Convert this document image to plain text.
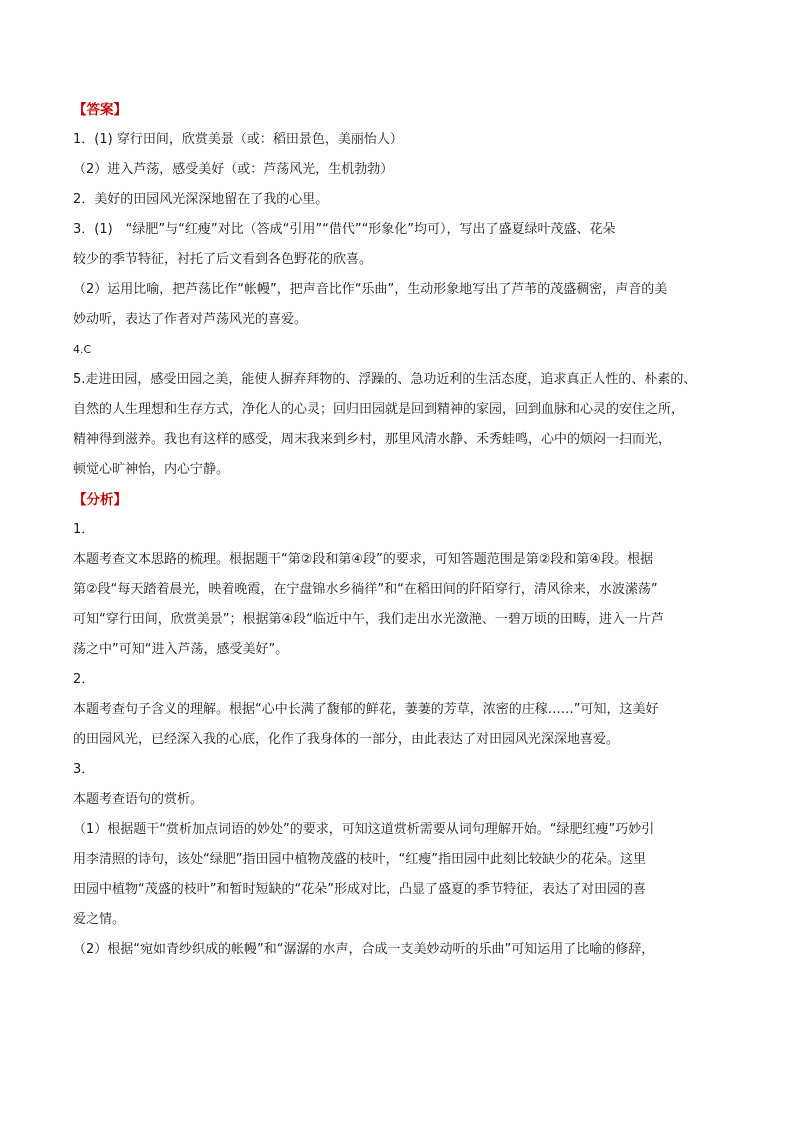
【答案】
1．(1) 穿行田间，欣赏美景（或：稻田景色，美丽怡人）
（2）进入芦荡，感受美好（或：芦荡风光，生机勃勃）
2．美好的田园风光深深地留在了我的心里。
3．(1)　“绿肥”与“红瘦”对比（答成“引用”“借代”“形象化”均可），写出了盛夏绿叶茂盛、花朵
较少的季节特征，衬托了后文看到各色野花的欣喜。
（2）运用比喻，把芦荡比作“帐幔”，把声音比作“乐曲”，生动形象地写出了芦苇的茂盛稠密，声音的美
妙动听，表达了作者对芦荡风光的喜爱。
4.C
5.走进田园，感受田园之美，能使人摒弃拜物的、浮躁的、急功近利的生活态度，追求真正人性的、朴素的、
自然的人生理想和生存方式，净化人的心灵；回归田园就是回到精神的家园，回到血脉和心灵的安住之所，
精神得到滋养。我也有这样的感受，周末我来到乡村，那里风清水静、禾秀蛙鸣，心中的烦闷一扫而光，
顿觉心旷神怡，内心宁静。
【分析】
1．
本题考查文本思路的梳理。根据题干“第②段和第④段”的要求，可知答题范围是第②段和第④段。根据
第②段“每天踏着晨光，映着晚霞，在宁盘锦水乡徜徉”和“在稻田间的阡陌穿行，清风徐来，水波潆荡”
可知“穿行田间，欣赏美景”；根据第④段“临近中午，我们走出水光潋滟、一碧万顷的田畴，进入一片芦
荡之中”可知“进入芦荡，感受美好”。
2．
本题考查句子含义的理解。根据“心中长满了馥郁的鲜花，萋萋的芳草，浓密的庄稼……”可知，这美好
的田园风光，已经深入我的心底，化作了我身体的一部分，由此表达了对田园风光深深地喜爱。
3．
本题考查语句的赏析。
（1）根据题干“赏析加点词语的妙处”的要求，可知这道赏析需要从词句理解开始。“绿肥红瘦”巧妙引
用李清照的诗句，该处“绿肥”指田园中植物茂盛的枝叶，“红瘦”指田园中此刻比较缺少的花朵。这里
田园中植物“茂盛的枝叶”和暂时短缺的“花朵”形成对比，凸显了盛夏的季节特征，表达了对田园的喜
爱之情。
（2）根据“宛如青纱织成的帐幔”和“潺潺的水声，合成一支美妙动听的乐曲”可知运用了比喻的修辞，
